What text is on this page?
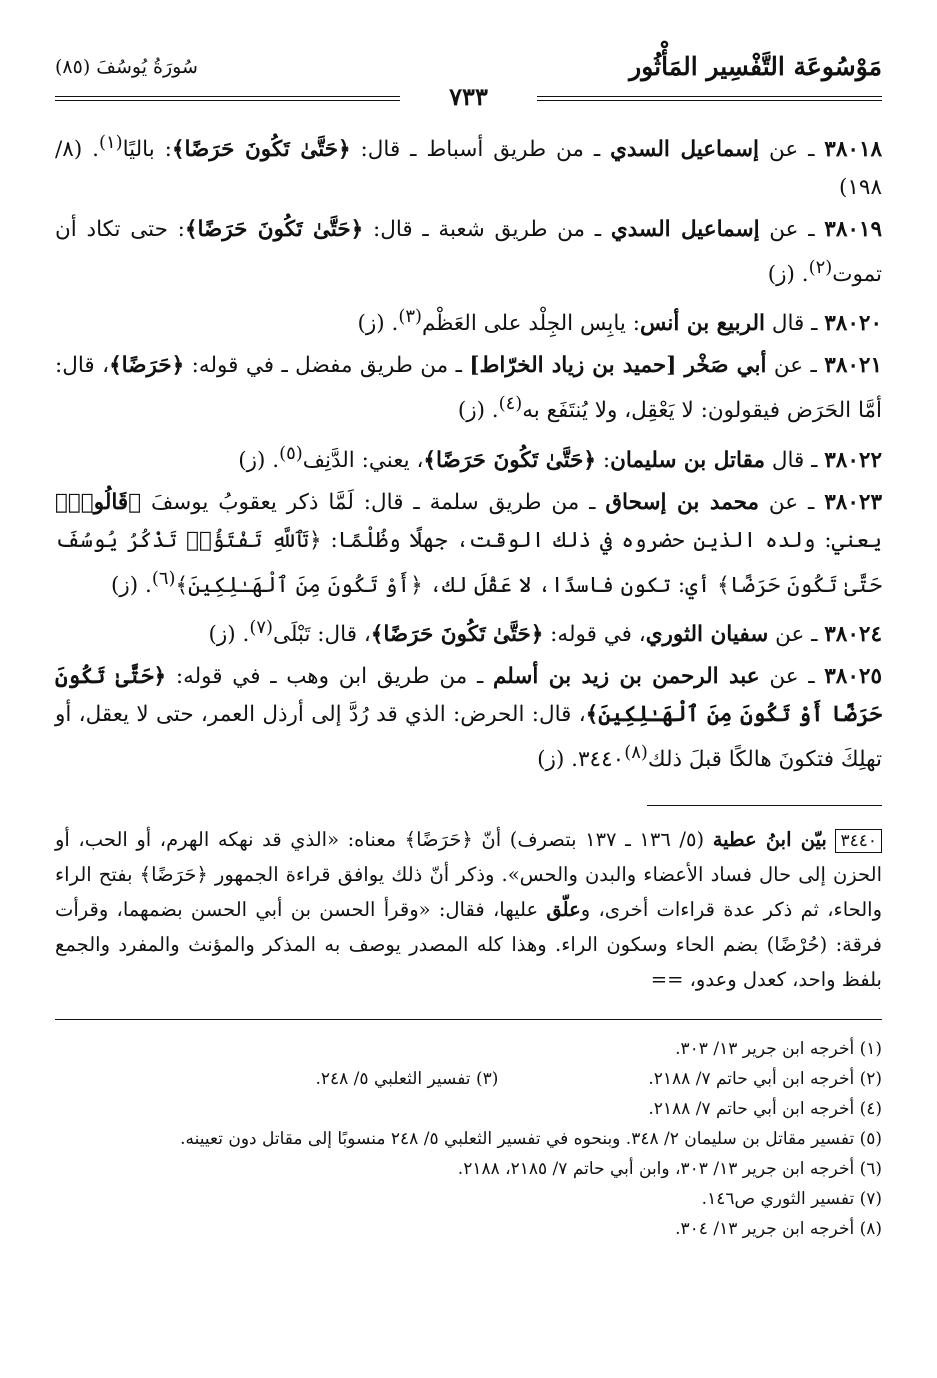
مَوْسُوعَة التَّفْسِير المَأْثُور
سُورَةُ يُوسُفَ (٨٥)
٧٣٣

٣٨٠١٨ ـ عن إسماعيل السدي ـ من طريق أسباط ـ قال: ﴿حَتَّىٰ تَكُونَ حَرَضًا﴾: باليًا$^{(١)}$. (٨/ ١٩٨)

٣٨٠١٩ ـ عن إسماعيل السدي ـ من طريق شعبة ـ قال: ﴿حَتَّىٰ تَكُونَ حَرَضًا﴾: حتى تكاد أن تموت$^{(٢)}$. (ز)

٣٨٠٢٠ ـ قال الربيع بن أنس: يابِس الجِلْد على العَظْم$^{(٣)}$. (ز)

٣٨٠٢١ ـ عن أبي صَخْر [حميد بن زياد الخرّاط] ـ من طريق مفضل ـ في قوله: ﴿حَرَضًا﴾، قال: أمَّا الحَرَض فيقولون: لا يَعْقِل، ولا يُنتَفَع به$^{(٤)}$. (ز)

٣٨٠٢٢ ـ قال مقاتل بن سليمان: ﴿حَتَّىٰ تَكُونَ حَرَضًا﴾، يعني: الدَّنِف$^{(٥)}$. (ز)

٣٨٠٢٣ ـ عن محمد بن إسحاق ـ من طريق سلمة ـ قال: لَمَّا ذكر يعقوبُ يوسفَ ﴿قَالُوا۟﴾ يعني: ولده الذين حضروه في ذلك الوقت، جهلًا وظُلْمًا: ﴿تَٱللَّهِ تَفْتَؤُا۟ تَذْكُرُ يُوسُفَ حَتَّىٰ تَكُونَ حَرَضًا﴾ أي: تكون فاسدًا، لا عَقْلَ لك، ﴿أَوْ تَكُونَ مِنَ ٱلْهَـٰلِكِينَ﴾$^{(٦)}$. (ز)

٣٨٠٢٤ ـ عن سفيان الثوري، في قوله: ﴿حَتَّىٰ تَكُونَ حَرَضًا﴾، قال: تَبْلَى$^{(٧)}$. (ز)

٣٨٠٢٥ ـ عن عبد الرحمن بن زيد بن أسلم ـ من طريق ابن وهب ـ في قوله: ﴿حَتَّىٰ تَكُونَ حَرَضًا أَوْ تَكُونَ مِنَ ٱلْهَـٰلِكِينَ﴾، قال: الحرض: الذي قد رُدَّ إلى أرذل العمر، حتى لا يعقل، أو تهلِكَ فتكونَ هالكًا قبلَ ذلك$^{(٨)}$٣٤٤٠. (ز)

٣٤٤٠ بيّن ابنُ عطية (٥/ ١٣٦ ـ ١٣٧ بتصرف) أنّ ﴿حَرَضًا﴾ معناه: «الذي قد نهكه الهرم، أو الحب، أو الحزن إلى حال فساد الأعضاء والبدن والحس». وذكر أنّ ذلك يوافق قراءة الجمهور ﴿حَرَضًا﴾ بفتح الراء والحاء، ثم ذكر عدة قراءات أخرى، وعلّق عليها، فقال: «وقرأ الحسن بن أبي الحسن بضمهما، وقرأت فرقة: (حُرْضًا) بضم الحاء وسكون الراء. وهذا كله المصدر يوصف به المذكر والمؤنث والمفرد والجمع بلفظ واحد، كعدل وعدو، ==
(١) أخرجه ابن جرير ١٣/ ٣٠٣.
(٢) أخرجه ابن أبي حاتم ٧/ ٢١٨٨.
(٣) تفسير الثعلبي ٥/ ٢٤٨.
(٤) أخرجه ابن أبي حاتم ٧/ ٢١٨٨.
(٥) تفسير مقاتل بن سليمان ٢/ ٣٤٨. وبنحوه في تفسير الثعلبي ٥/ ٢٤٨ منسوبًا إلى مقاتل دون تعيينه.
(٦) أخرجه ابن جرير ١٣/ ٣٠٣، وابن أبي حاتم ٧/ ٢١٨٥، ٢١٨٨.
(٧) تفسير الثوري ص١٤٦.
(٨) أخرجه ابن جرير ١٣/ ٣٠٤.
